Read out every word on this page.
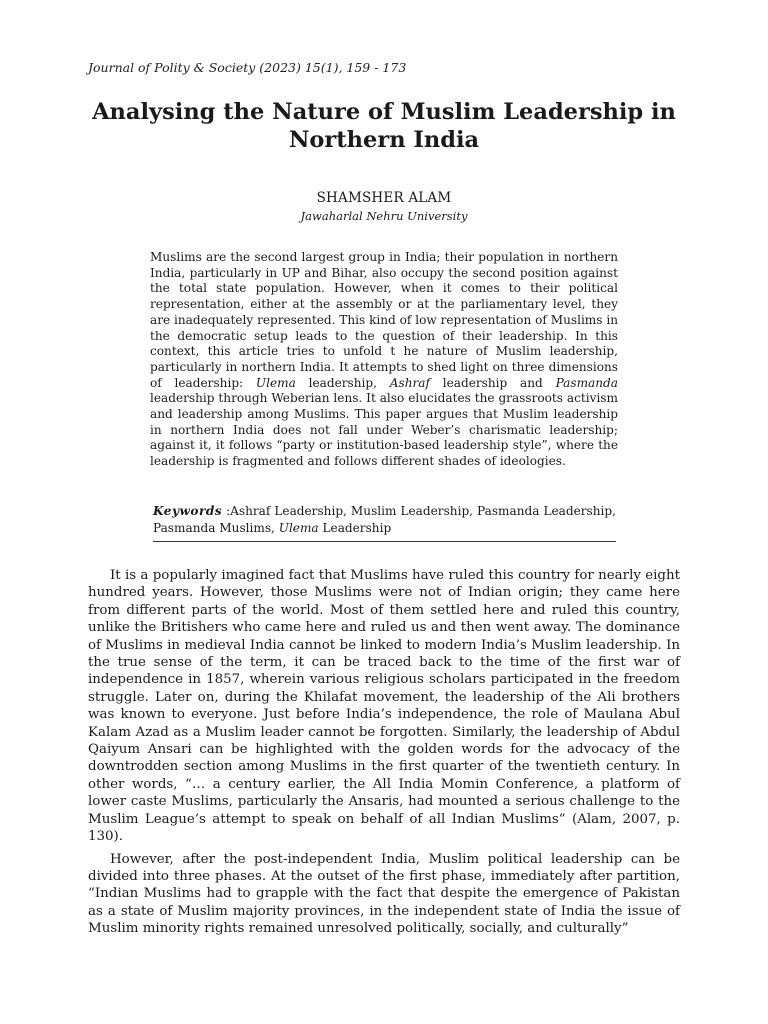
Journal of Polity & Society (2023) 15(1), 159 - 173
Analysing the Nature of Muslim Leadership in Northern India
SHAMSHER ALAM
Jawaharlal Nehru University
Muslims are the second largest group in India; their population in northern India, particularly in UP and Bihar, also occupy the second position against the total state population. However, when it comes to their political representation, either at the assembly or at the parliamentary level, they are inadequately represented. This kind of low representation of Muslims in the democratic setup leads to the question of their leadership. In this context, this article tries to unfold t he nature of Muslim leadership, particularly in northern India. It attempts to shed light on three dimensions of leadership: Ulema leadership, Ashraf leadership and Pasmanda leadership through Weberian lens. It also elucidates the grassroots activism and leadership among Muslims. This paper argues that Muslim leadership in northern India does not fall under Weber’s charismatic leadership; against it, it follows “party or institution-based leadership style”, where the leadership is fragmented and follows different shades of ideologies.
Keywords :Ashraf Leadership, Muslim Leadership, Pasmanda Leadership, Pasmanda Muslims, Ulema Leadership

It is a popularly imagined fact that Muslims have ruled this country for nearly eight hundred years. However, those Muslims were not of Indian origin; they came here from different parts of the world. Most of them settled here and ruled this country, unlike the Britishers who came here and ruled us and then went away. The dominance of Muslims in medieval India cannot be linked to modern India’s Muslim leadership. In the true sense of the term, it can be traced back to the time of the first war of independence in 1857, wherein various religious scholars participated in the freedom struggle. Later on, during the Khilafat movement, the leadership of the Ali brothers was known to everyone. Just before India’s independence, the role of Maulana Abul Kalam Azad as a Muslim leader cannot be forgotten. Similarly, the leadership of Abdul Qaiyum Ansari can be highlighted with the golden words for the advocacy of the downtrodden section among Muslims in the first quarter of the twentieth century. In other words, “… a century earlier, the All India Momin Conference, a platform of lower caste Muslims, particularly the Ansaris, had mounted a serious challenge to the Muslim League’s attempt to speak on behalf of all Indian Muslims” (Alam, 2007, p. 130).

However, after the post-independent India, Muslim political leadership can be divided into three phases. At the outset of the first phase, immediately after partition, “Indian Muslims had to grapple with the fact that despite the emergence of Pakistan as a state of Muslim majority provinces, in the independent state of India the issue of Muslim minority rights remained unresolved politically, socially, and culturally”
